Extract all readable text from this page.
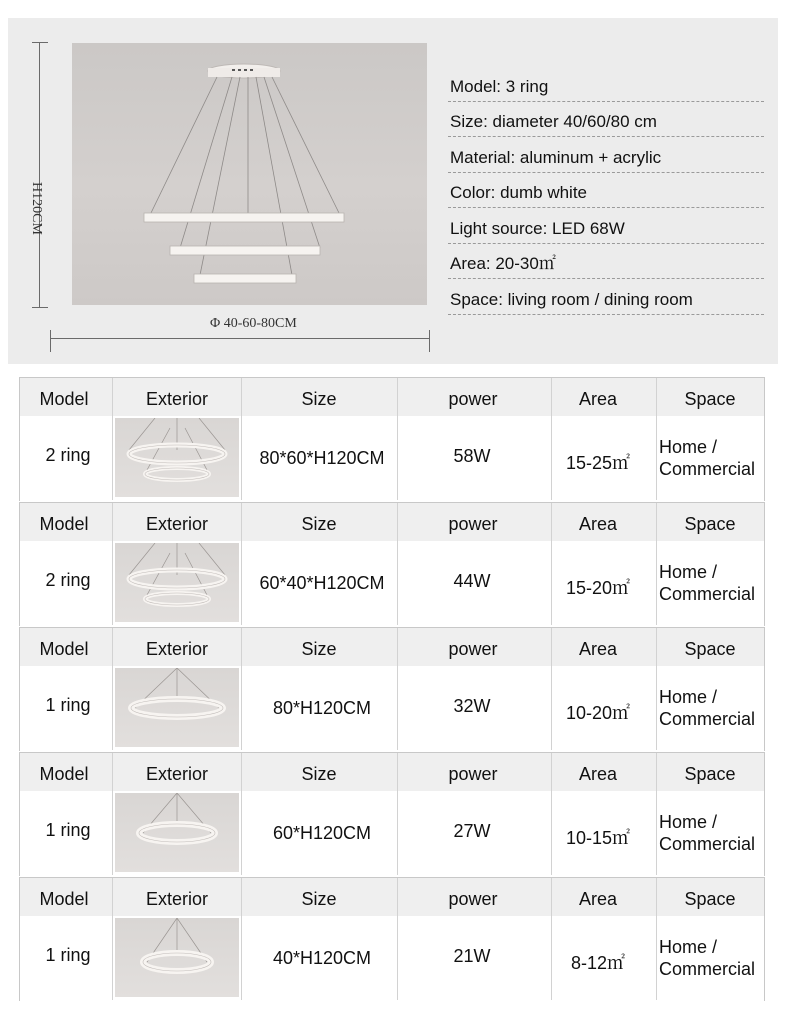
H120CM
Φ 40-60-80CM
Model: 3 ring
Size: diameter 40/60/80 cm
Material: aluminum + acrylic
Color: dumb white
Light source: LED 68W
Area: 20-30㎡
Space: living room / dining room
Model	Exterior	Size	power	Area	Space
2 ring	80*60*H120CM	58W	15-25㎡
Home /
Commercial
Model	Exterior	Size	power	Area	Space
2 ring	60*40*H120CM	44W	15-20㎡
Home /
Commercial
Model	Exterior	Size	power	Area	Space
1 ring	80*H120CM	32W	10-20㎡
Home /
Commercial
Model	Exterior	Size	power	Area	Space
1 ring	60*H120CM	27W	10-15㎡
Home /
Commercial
Model	Exterior	Size	power	Area	Space
1 ring	40*H120CM	21W	8-12㎡
Home /
Commercial
